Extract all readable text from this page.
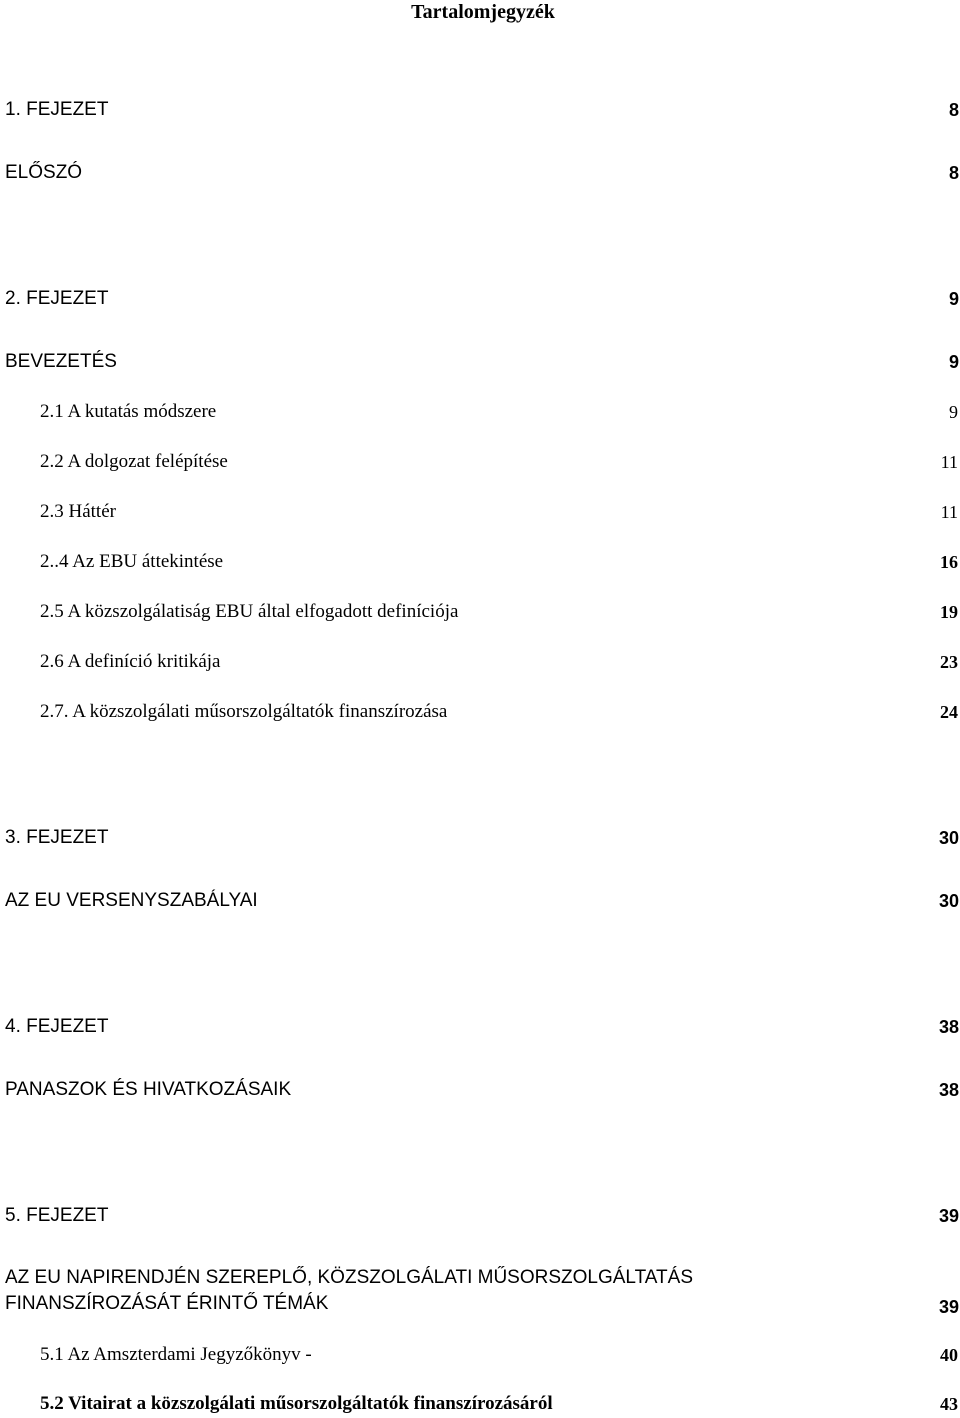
Tartalomjegyzék
1. FEJEZET	8
ELŐSZÓ	8
2. FEJEZET	9
BEVEZETÉS	9
2.1 A kutatás módszere	9
2.2 A dolgozat felépítése	11
2.3 Háttér	11
2..4 Az EBU áttekintése	16
2.5 A közszolgálatiság EBU által elfogadott definíciója	19
2.6 A definíció kritikája	23
2.7. A közszolgálati műsorszolgáltatók finanszírozása	24
3. FEJEZET	30
AZ EU VERSENYSZABÁLYAI	30
4. FEJEZET	38
PANASZOK ÉS HIVATKOZÁSAIK	38
5. FEJEZET	39
AZ EU NAPIRENDJÉN SZEREPLŐ, KÖZSZOLGÁLATI MŰSORSZOLGÁLTATÁS
FINANSZÍROZÁSÁT ÉRINTŐ TÉMÁK	39
5.1 Az Amszterdami Jegyzőkönyv -	40
5.2 Vitairat a közszolgálati műsorszolgáltatók finanszírozásáról	43
